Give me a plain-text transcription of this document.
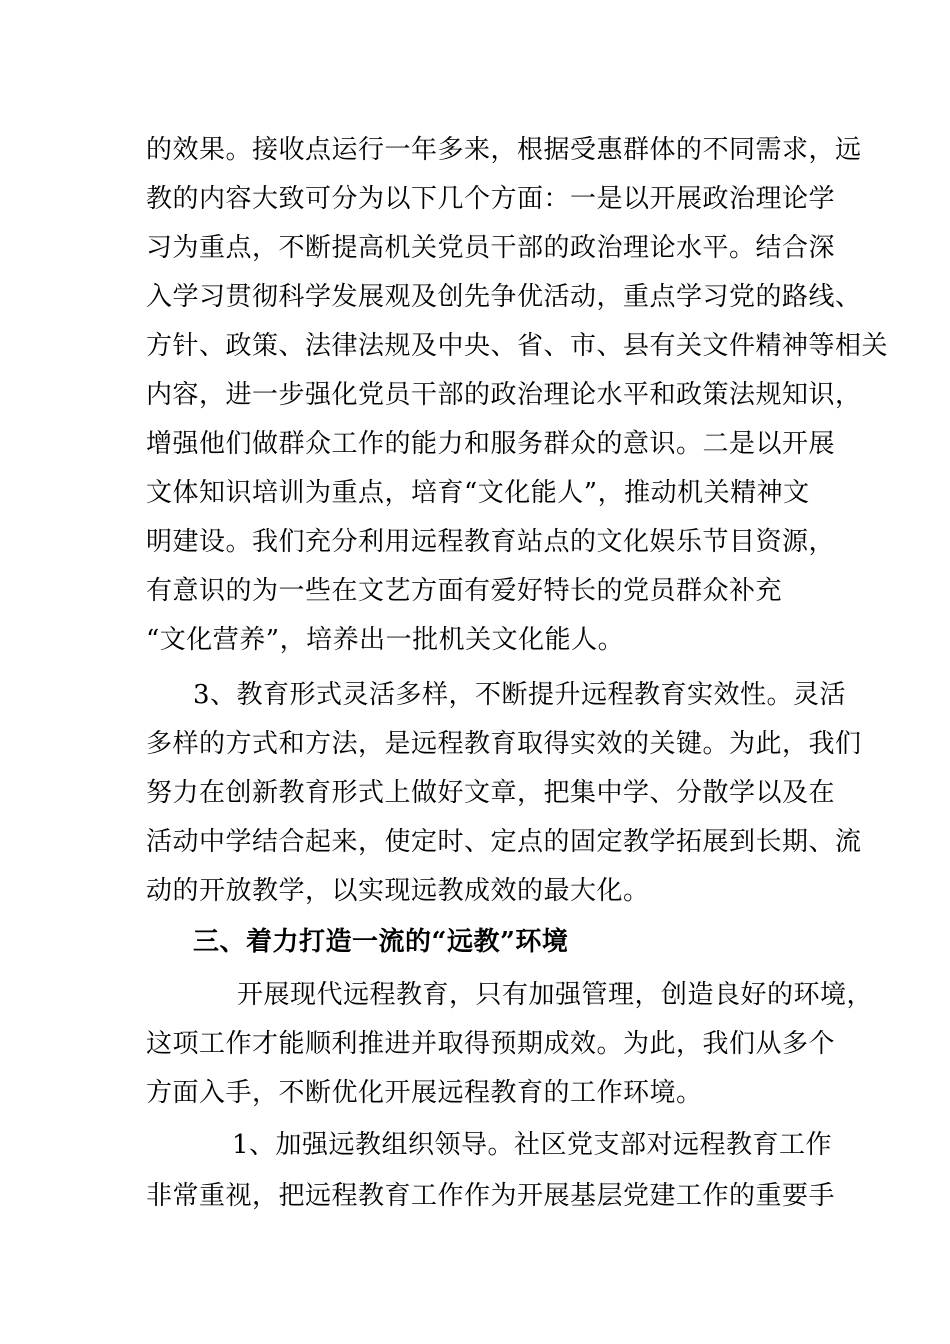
的效果。接收点运行一年多来，根据受惠群体的不同需求，远
教的内容大致可分为以下几个方面：一是以开展政治理论学
习为重点，不断提高机关党员干部的政治理论水平。结合深
入学习贯彻科学发展观及创先争优活动，重点学习党的路线、
方针、政策、法律法规及中央、省、市、县有关文件精神等相关
内容，进一步强化党员干部的政治理论水平和政策法规知识，
增强他们做群众工作的能力和服务群众的意识。二是以开展
文体知识培训为重点，培育“文化能人”，推动机关精神文
明建设。我们充分利用远程教育站点的文化娱乐节目资源，
有意识的为一些在文艺方面有爱好特长的党员群众补充
“文化营养”，培养出一批机关文化能人。
3、教育形式灵活多样，不断提升远程教育实效性。灵活
多样的方式和方法，是远程教育取得实效的关键。为此，我们
努力在创新教育形式上做好文章，把集中学、分散学以及在
活动中学结合起来，使定时、定点的固定教学拓展到长期、流
动的开放教学，以实现远教成效的最大化。
三、着力打造一流的“远教”环境
开展现代远程教育，只有加强管理，创造良好的环境，
这项工作才能顺利推进并取得预期成效。为此，我们从多个
方面入手，不断优化开展远程教育的工作环境。
1、加强远教组织领导。社区党支部对远程教育工作
非常重视，把远程教育工作作为开展基层党建工作的重要手
